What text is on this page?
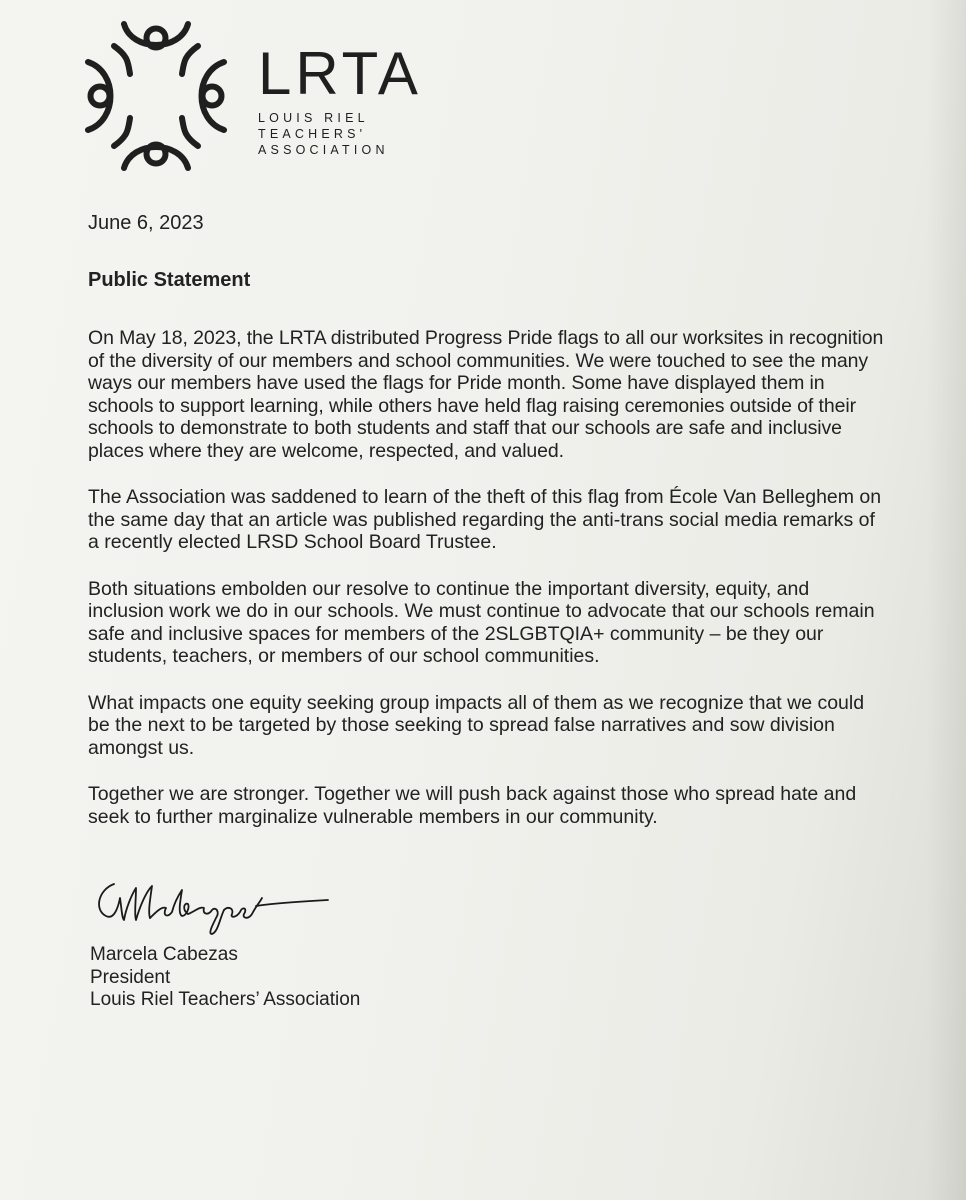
LRTA

LOUIS RIEL
TEACHERS'
ASSOCIATION

June 6, 2023

Public Statement

On May 18, 2023, the LRTA distributed Progress Pride flags to all our worksites in recognition of the diversity of our members and school communities. We were touched to see the many ways our members have used the flags for Pride month. Some have displayed them in schools to support learning, while others have held flag raising ceremonies outside of their schools to demonstrate to both students and staff that our schools are safe and inclusive places where they are welcome, respected, and valued.

The Association was saddened to learn of the theft of this flag from École Van Belleghem on the same day that an article was published regarding the anti-trans social media remarks of a recently elected LRSD School Board Trustee.

Both situations embolden our resolve to continue the important diversity, equity, and inclusion work we do in our schools. We must continue to advocate that our schools remain safe and inclusive spaces for members of the 2SLGBTQIA+ community – be they our students, teachers, or members of our school communities.

What impacts one equity seeking group impacts all of them as we recognize that we could be the next to be targeted by those seeking to spread false narratives and sow division amongst us.

Together we are stronger. Together we will push back against those who spread hate and seek to further marginalize vulnerable members in our community.

Marcela Cabezas
President
Louis Riel Teachers’ Association
